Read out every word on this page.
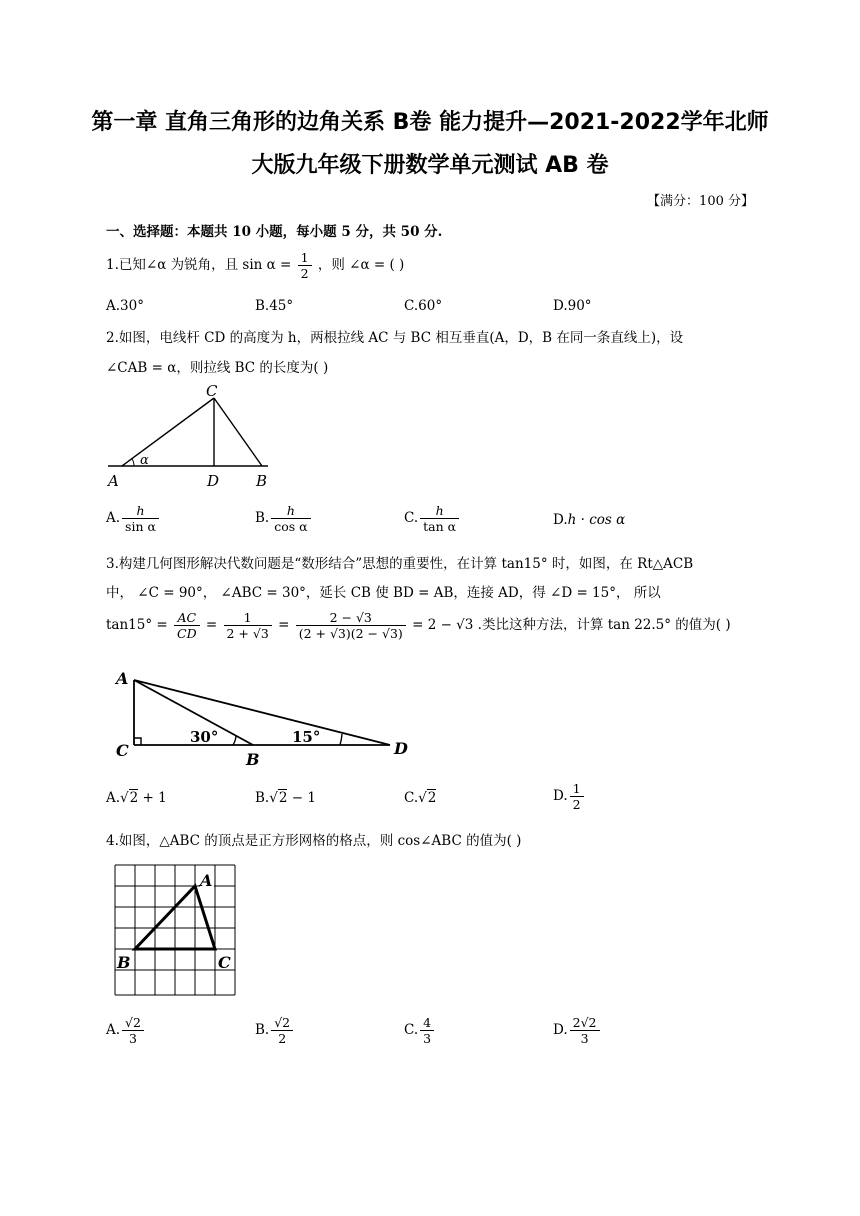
第一章 直角三角形的边角关系 B卷 能力提升—2021-2022学年北师
大版九年级下册数学单元测试 AB 卷
【满分：100 分】
一、选择题：本题共 10 小题，每小题 5 分，共 50 分.
1.已知∠α 为锐角，且 $\sin \alpha = \frac{1}{2}$ ，则 ∠α = ( )
A.30°	B.45°	C.60°	D.90°
2.如图，电线杆 CD 的高度为 h，两根拉线 AC 与 BC 相互垂直(A，D，B 在同一条直线上)，设
∠CAB = α，则拉线 BC 的长度为( )
C
α
A	D B
A. $\frac{h}{\text{sin α}}$	B. $\frac{h}{\text{cos α}}$	C. $\frac{h}{\text{tan α}}$	D.h · cos α
3.构建几何图形解决代数问题是“数形结合”思想的重要性，在计算 tan15° 时，如图，在 Rt△ACB
中， ∠C = 90°， ∠ABC = 30°，延长 CB 使 BD = AB，连接 AD，得 ∠D = 15°， 所以
$\tan 15^\circ = \frac{AC}{CD} = \frac{1}{2 + √3} = \frac{2 - √3}{(2 + √3)(2 - √3)} = 2 - √3$ .类比这种方法，计算 tan 22.5° 的值为( )
A
C	B
D
30°	15°
A.√2 + 1	B.√2 − 1	C.√2	D. $\frac{1}{2}$
4.如图，△ABC 的顶点是正方形网格的格点，则 cos∠ABC 的值为( )
A
B	C
A. $\frac{√2}{3}$	B. $\frac{√2}{2}$	C. $\frac{4}{3}$	D. $\frac{2√2}{3}$
